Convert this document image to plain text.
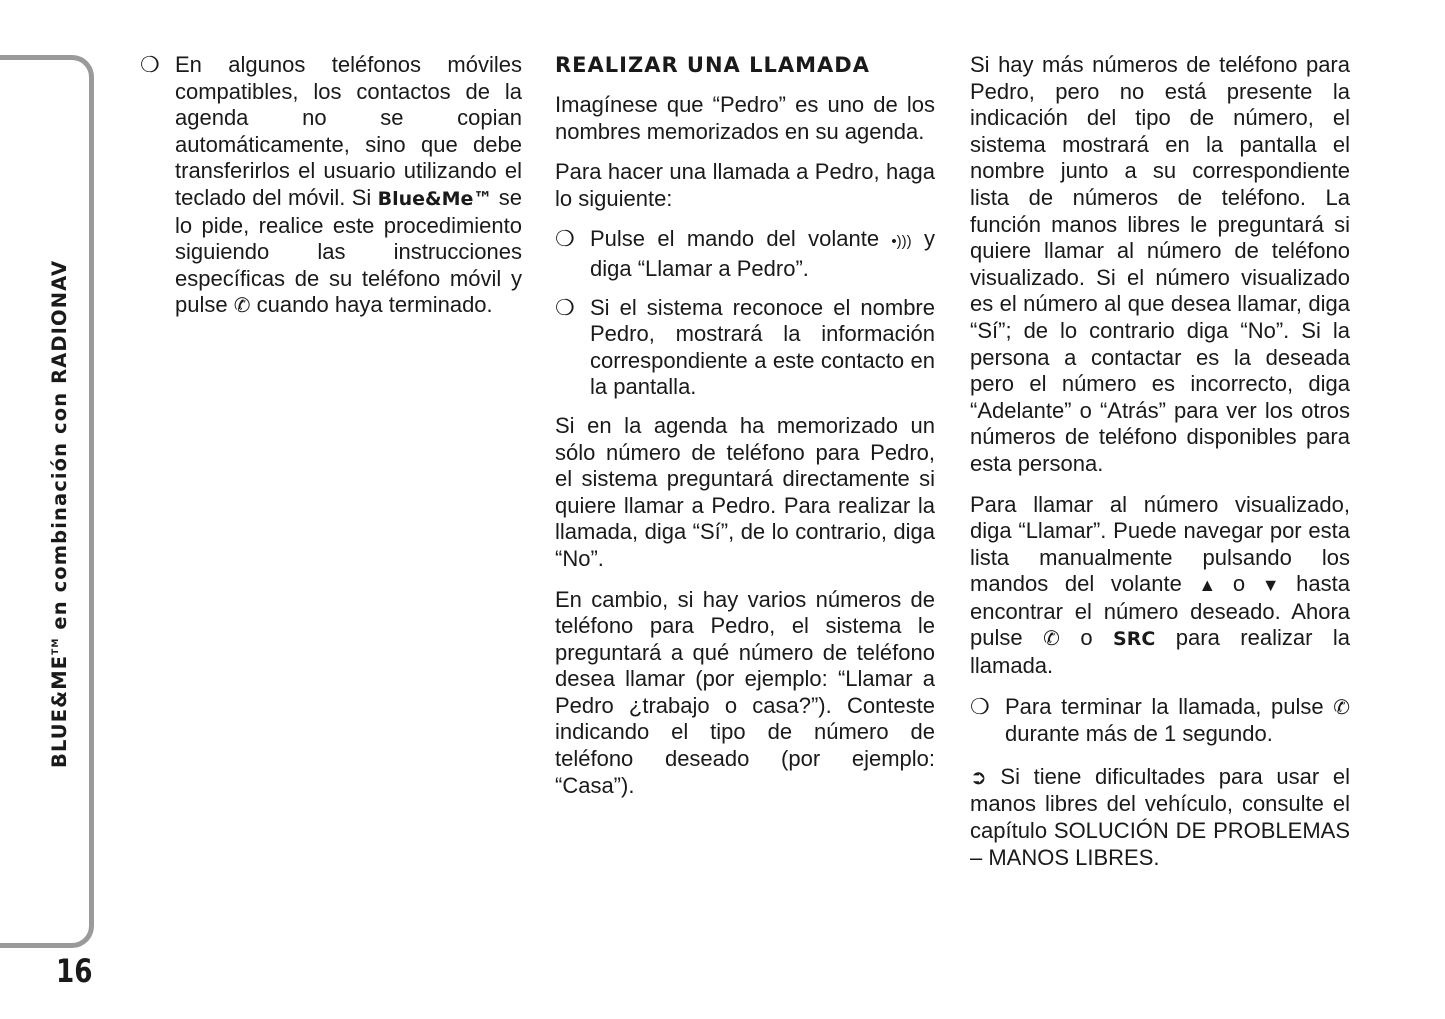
BLUE&ME™ en combinación con RADIONAV
16
❍ En algunos teléfonos móviles compatibles, los contactos de la agenda no se copian automáticamente, sino que debe transferirlos el usuario utilizando el teclado del móvil. Si Blue&Me™ se lo pide, realice este procedimiento siguiendo las instrucciones específicas de su teléfono móvil y pulse ✆ cuando haya terminado.
REALIZAR UNA LLAMADA

Imagínese que “Pedro” es uno de los nombres memorizados en su agenda.

Para hacer una llamada a Pedro, haga lo siguiente:

❍ Pulse el mando del volante •))) y diga “Llamar a Pedro”.
❍ Si el sistema reconoce el nombre Pedro, mostrará la información correspondiente a este contacto en la pantalla.

Si en la agenda ha memorizado un sólo número de teléfono para Pedro, el sistema preguntará directamente si quiere llamar a Pedro. Para realizar la llamada, diga “Sí”, de lo contrario, diga “No”.

En cambio, si hay varios números de teléfono para Pedro, el sistema le preguntará a qué número de teléfono desea llamar (por ejemplo: “Llamar a Pedro ¿trabajo o casa?”). Conteste indicando el tipo de número de teléfono deseado (por ejemplo: “Casa”).

Si hay más números de teléfono para Pedro, pero no está presente la indicación del tipo de número, el sistema mostrará en la pantalla el nombre junto a su correspondiente lista de números de teléfono. La función manos libres le preguntará si quiere llamar al número de teléfono visualizado. Si el número visualizado es el número al que desea llamar, diga “Sí”; de lo contrario diga “No”. Si la persona a contactar es la deseada pero el número es incorrecto, diga “Adelante” o “Atrás” para ver los otros números de teléfono disponibles para esta persona.

Para llamar al número visualizado, diga “Llamar”. Puede navegar por esta lista manualmente pulsando los mandos del volante ▲ o ▼ hasta encontrar el número deseado. Ahora pulse ✆ o SRC para realizar la llamada.

❍ Para terminar la llamada, pulse ✆ durante más de 1 segundo.

➲ Si tiene dificultades para usar el manos libres del vehículo, consulte el capítulo SOLUCIÓN DE PROBLEMAS – MANOS LIBRES.
